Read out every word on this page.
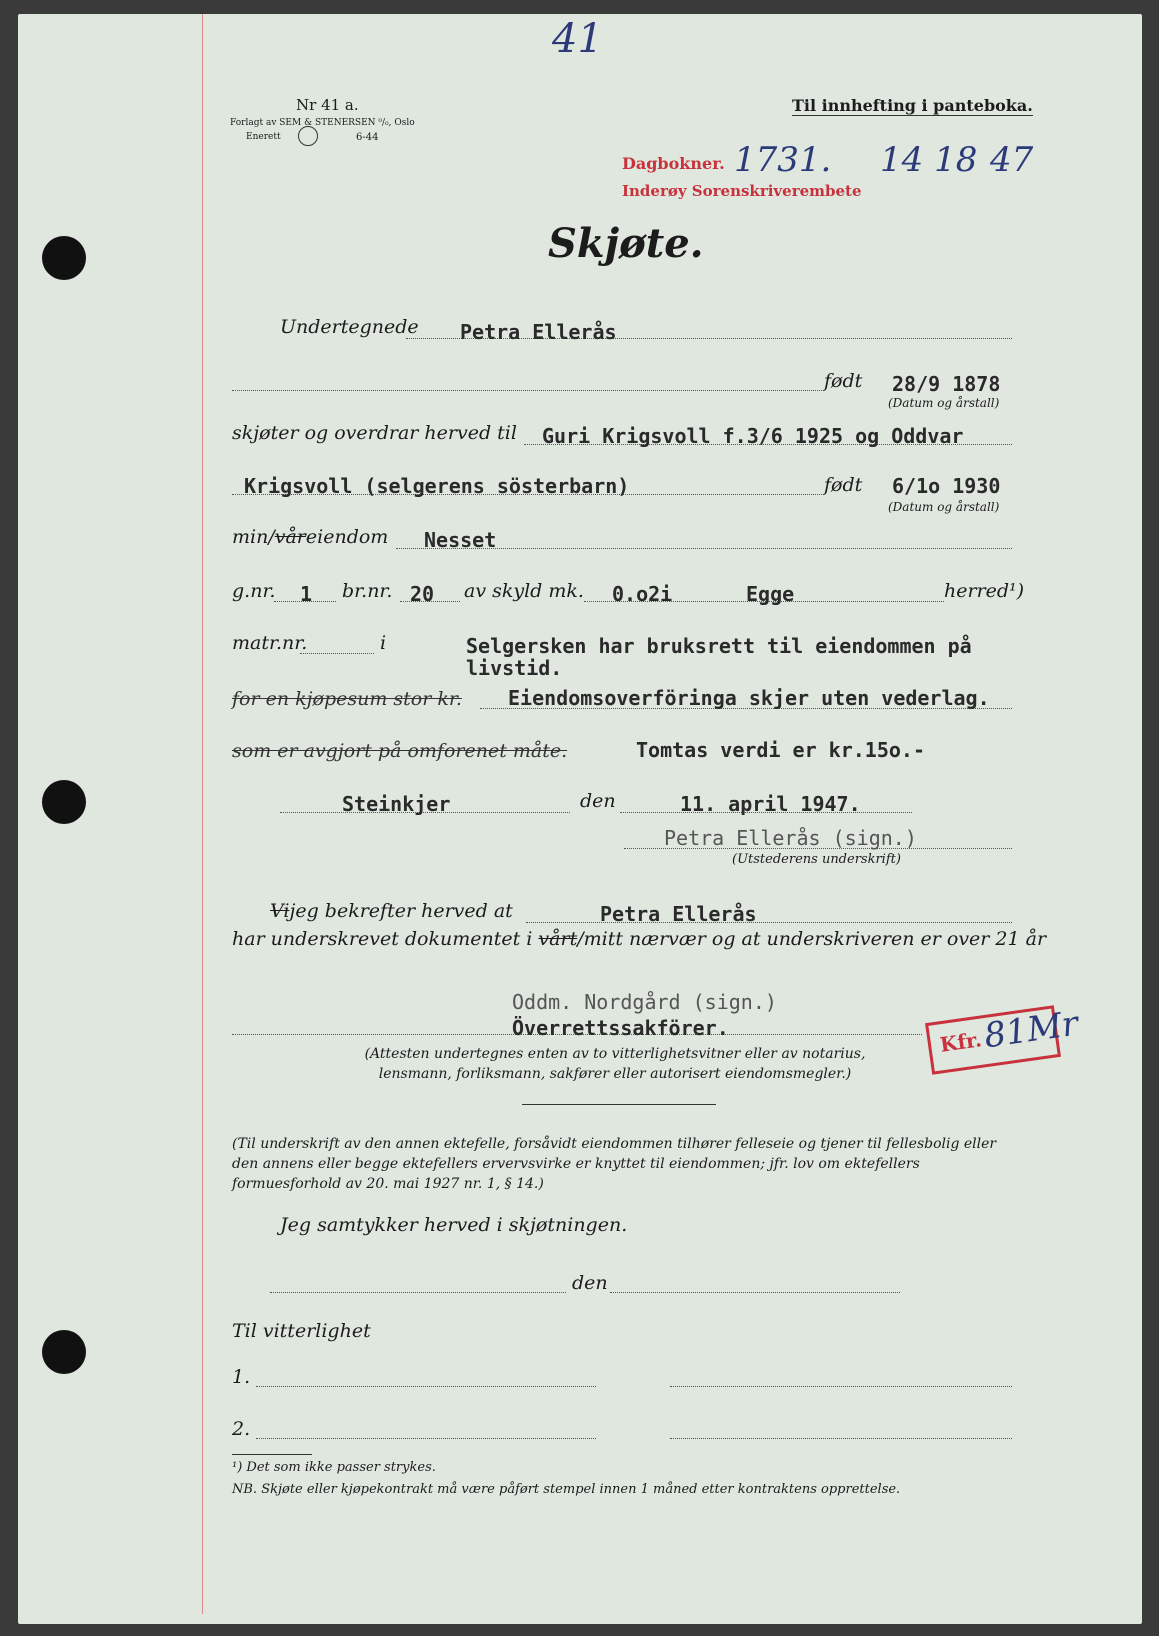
41
Nr 41 a.
Forlagt av SEM & STENERSEN ⁰/₀, Oslo
Enerett	6-44
Til innhefting i panteboka.
Dagbokner.
Inderøy Sorenskriverembete
1731. 14 18 47
Skjøte.
Undertegnede Petra Ellerås
født 28/9 1878
(Datum og årstall)
skjøter og overdrar herved til Guri Krigsvoll f.3/6 1925 og Oddvar
Krigsvoll (selgerens sösterbarn)	født 6/1o 1930
(Datum og årstall)
min/våreiendom Nesset
g.nr. 1 br.nr. 20 av skyld mk. 0.o2i	Egge	herred¹)
matr.nr.	i	Selgersken har bruksrett til eiendommen på
livstid.
for en kjøpesum stor kr. Eiendomsoverföringa skjer uten vederlag.
som er avgjort på omforenet måte.	Tomtas verdi er kr.15o.-
Steinkjer	den	11. april 1947.
Petra Ellerås (sign.)
(Utstederens underskrift)
Vijeg bekrefter herved at	Petra Ellerås
har underskrevet dokumentet i vårt/mitt nærvær og at underskriveren er over 21 år
Oddm. Nordgård (sign.)
Överrettssakförer.
(Attesten undertegnes enten av to vitterlighetsvitner eller av notarius, lensmann, forliksmann, sakfører eller autorisert eiendomsmegler.)
Kfr.
81Mr
(Til underskrift av den annen ektefelle, forsåvidt eiendommen tilhører felleseie og tjener til fellesbolig eller den annens eller begge ektefellers ervervsvirke er knyttet til eiendommen; jfr. lov om ektefellers formuesforhold av 20. mai 1927 nr. 1, § 14.)
Jeg samtykker herved i skjøtningen.
den
Til vitterlighet
1.
2.
¹) Det som ikke passer strykes.
NB. Skjøte eller kjøpekontrakt må være påført stempel innen 1 måned etter kontraktens opprettelse.
